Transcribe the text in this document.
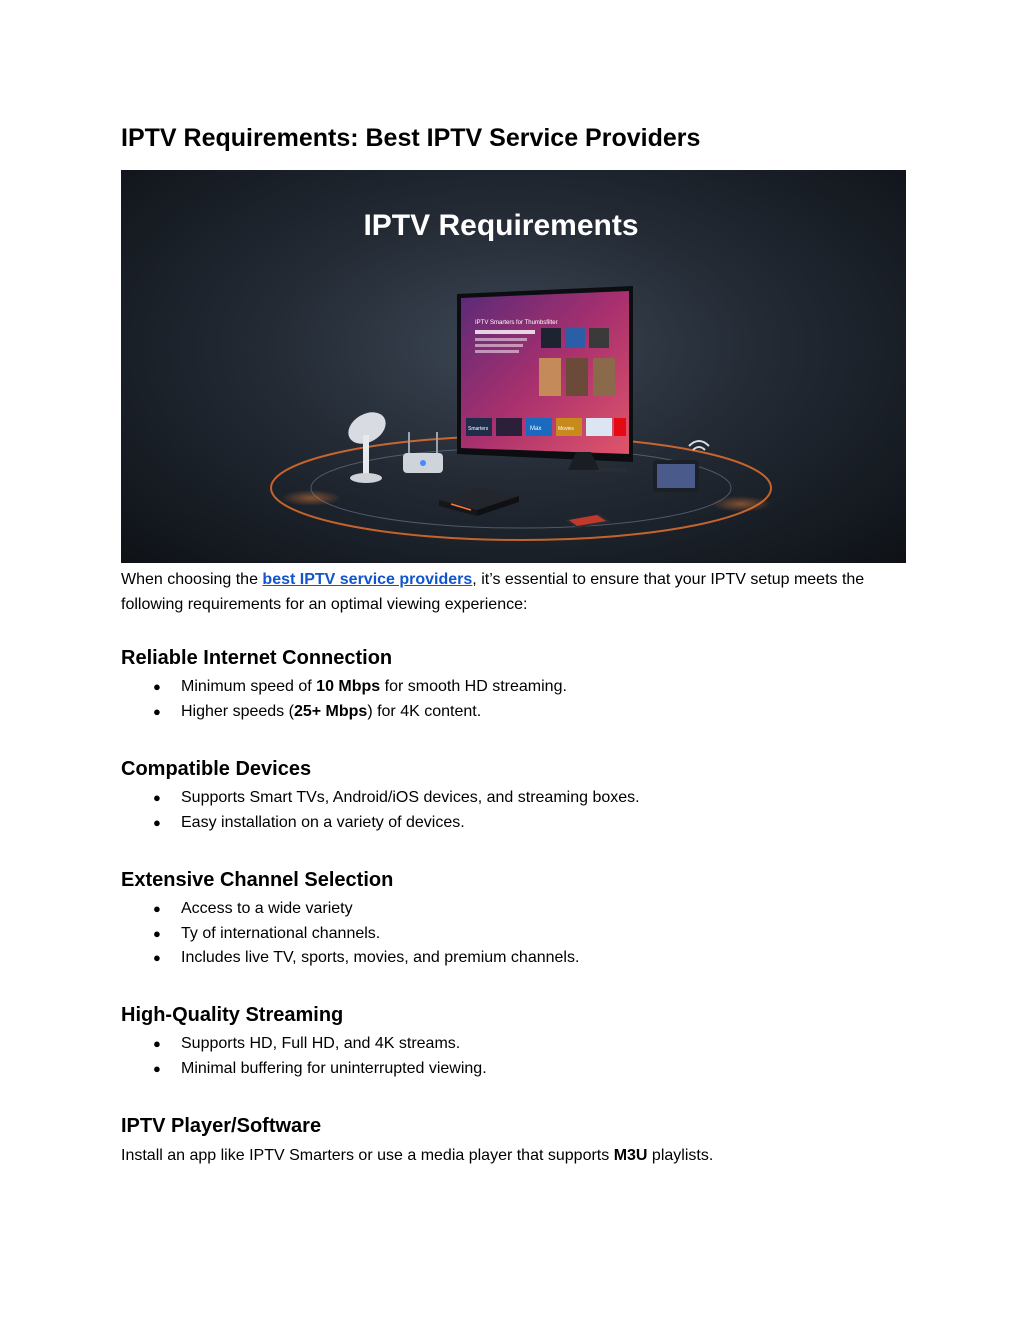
IPTV Requirements: Best IPTV Service Providers
IPTV Requirements
IPTV Smarters for Thumbsfilter
Smarters	Max	Movies

When choosing the best IPTV service providers, it’s essential to ensure that your IPTV setup meets the following requirements for an optimal viewing experience:

Reliable Internet Connection
● Minimum speed of 10 Mbps for smooth HD streaming.
● Higher speeds (25+ Mbps) for 4K content.
Compatible Devices
● Supports Smart TVs, Android/iOS devices, and streaming boxes.
● Easy installation on a variety of devices.
Extensive Channel Selection
● Access to a wide variety
● Ty of international channels.
● Includes live TV, sports, movies, and premium channels.
High-Quality Streaming
● Supports HD, Full HD, and 4K streams.
● Minimal buffering for uninterrupted viewing.
IPTV Player/Software

Install an app like IPTV Smarters or use a media player that supports M3U playlists.
